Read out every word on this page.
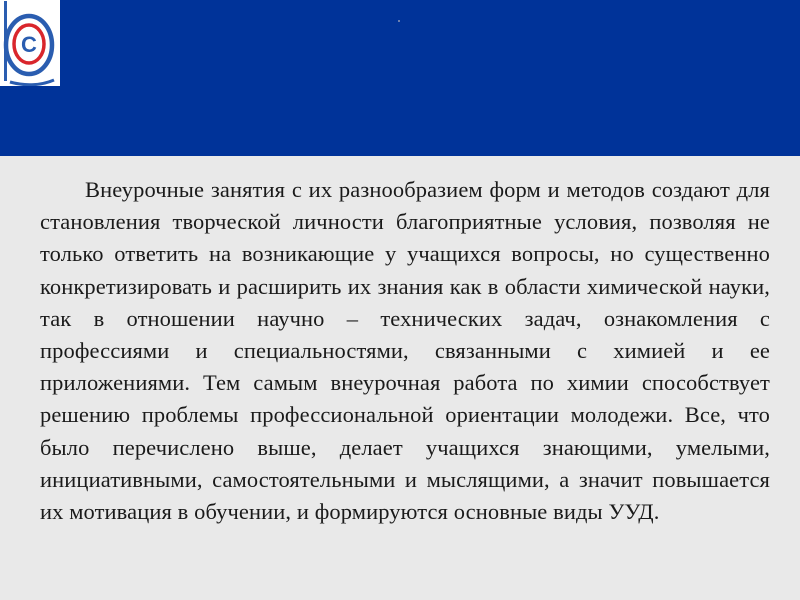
C

Внеурочные занятия с их разнообразием форм и методов создают для становления творческой личности благоприятные условия, позволяя не только ответить на возникающие у учащихся вопросы, но существенно конкретизировать и расширить их знания как в области химической науки, так в отношении научно – технических задач, ознакомления с профессиями и специальностями, связанными с химией и ее приложениями. Тем самым внеурочная работа по химии способствует решению проблемы профессиональной ориентации молодежи. Все, что было перечислено выше, делает учащихся знающими, умелыми, инициативными, самостоятельными и мыслящими, а значит повышается их мотивация в обучении, и формируются основные виды УУД.
